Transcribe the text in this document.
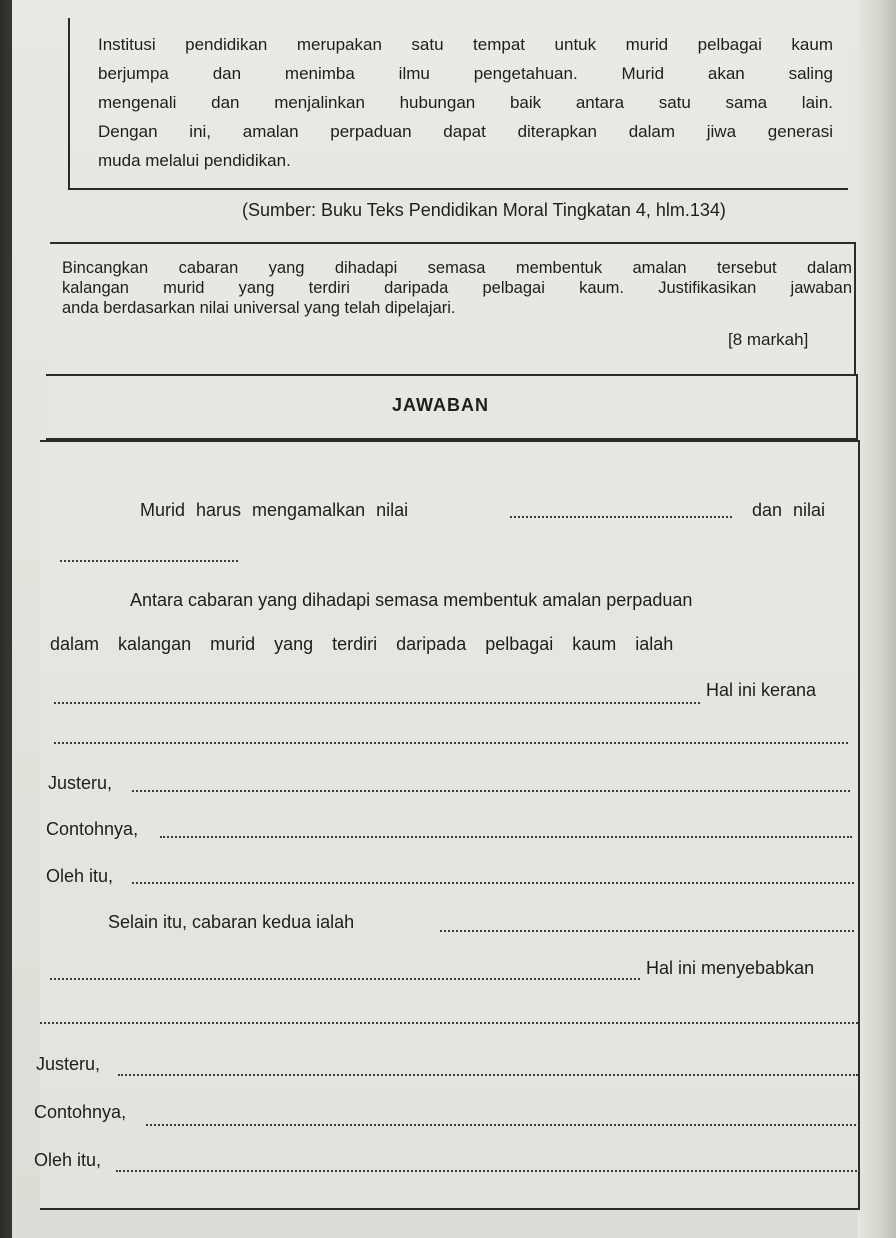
Institusi pendidikan merupakan satu tempat untuk murid pelbagai kaum
berjumpa dan menimba ilmu pengetahuan. Murid akan saling
mengenali dan menjalinkan hubungan baik antara satu sama lain.
Dengan ini, amalan perpaduan dapat diterapkan dalam jiwa generasi
muda melalui pendidikan.
(Sumber: Buku Teks Pendidikan Moral Tingkatan 4, hlm.134)
Bincangkan cabaran yang dihadapi semasa membentuk amalan tersebut dalam
kalangan murid yang terdiri daripada pelbagai kaum. Justifikasikan jawaban
anda berdasarkan nilai universal yang telah dipelajari.
[8 markah]
JAWABAN
Murid harus mengamalkan nilai	dan nilai
Antara cabaran yang dihadapi semasa membentuk amalan perpaduan
dalam kalangan murid yang terdiri daripada pelbagai kaum ialah
Hal ini kerana
Justeru,
Contohnya,
Oleh itu,
Selain itu, cabaran kedua ialah
Hal ini menyebabkan
Justeru,
Contohnya,
Oleh itu,
